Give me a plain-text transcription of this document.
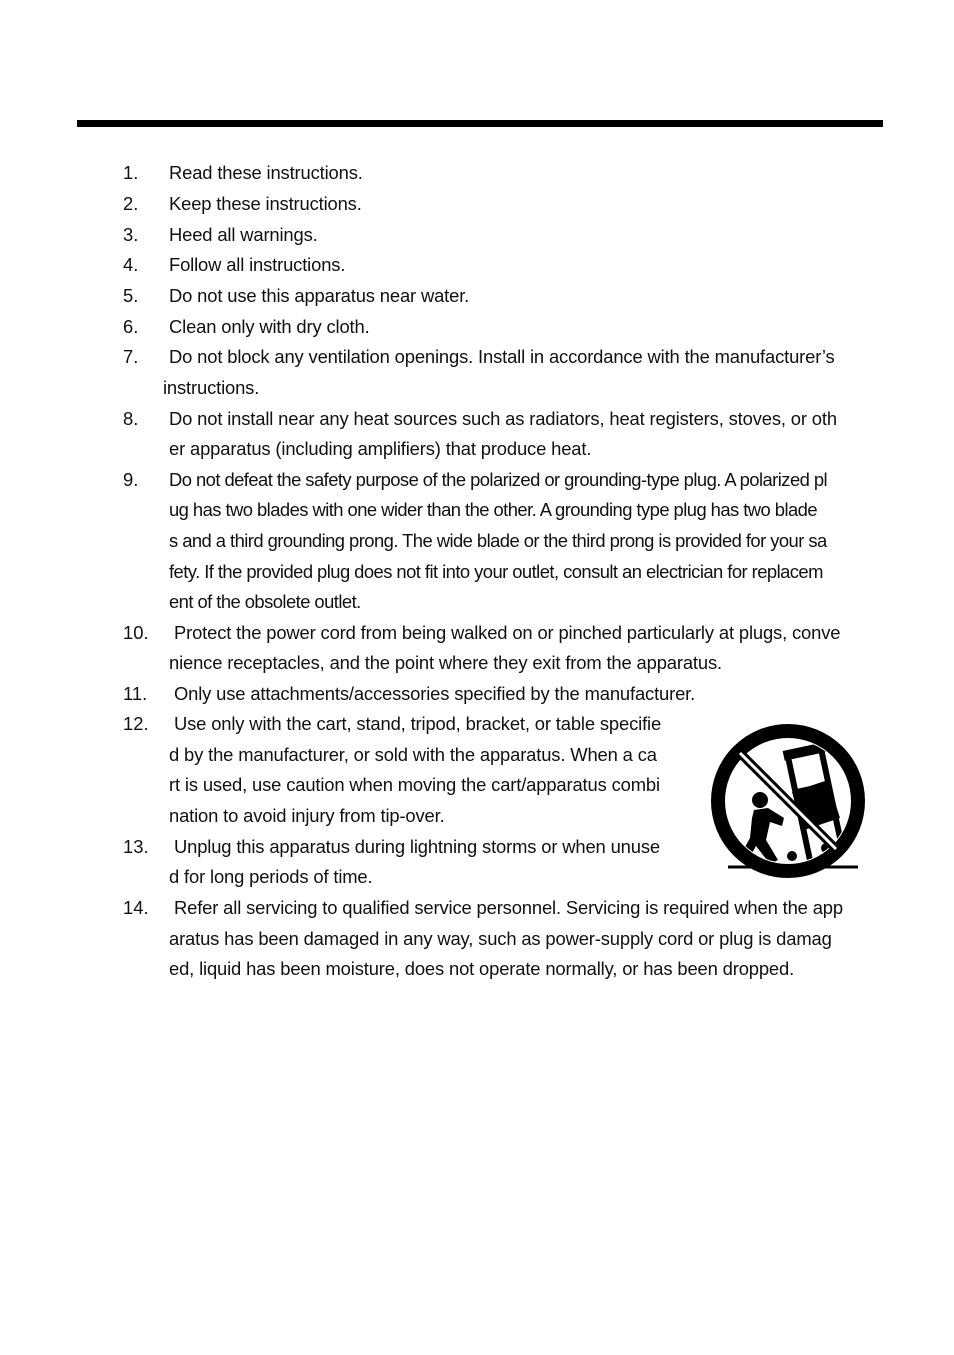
1. Read these instructions.
2. Keep these instructions.
3. Heed all warnings.
4. Follow all instructions.
5. Do not use this apparatus near water.
6. Clean only with dry cloth.
7. Do not block any ventilation openings. Install in accordance with the manufacturer’s
instructions.
8. Do not install near any heat sources such as radiators, heat registers, stoves, or oth
er apparatus (including amplifiers) that produce heat.
9. Do not defeat the safety purpose of the polarized or grounding-type plug. A polarized pl
ug has two blades with one wider than the other. A grounding type plug has two blade
s and a third grounding prong. The wide blade or the third prong is provided for your sa
fety. If the provided plug does not fit into your outlet, consult an electrician for replacem
ent of the obsolete outlet.
10. Protect the power cord from being walked on or pinched particularly at plugs, conve
nience receptacles, and the point where they exit from the apparatus.
11. Only use attachments/accessories specified by the manufacturer.
12. Use only with the cart, stand, tripod, bracket, or table specifie
d by the manufacturer, or sold with the apparatus. When a ca
rt is used, use caution when moving the cart/apparatus combi
nation to avoid injury from tip-over.
13. Unplug this apparatus during lightning storms or when unuse
d for long periods of time.
14. Refer all servicing to qualified service personnel. Servicing is required when the app
aratus has been damaged in any way, such as power-supply cord or plug is damag
ed, liquid has been moisture, does not operate normally, or has been dropped.
